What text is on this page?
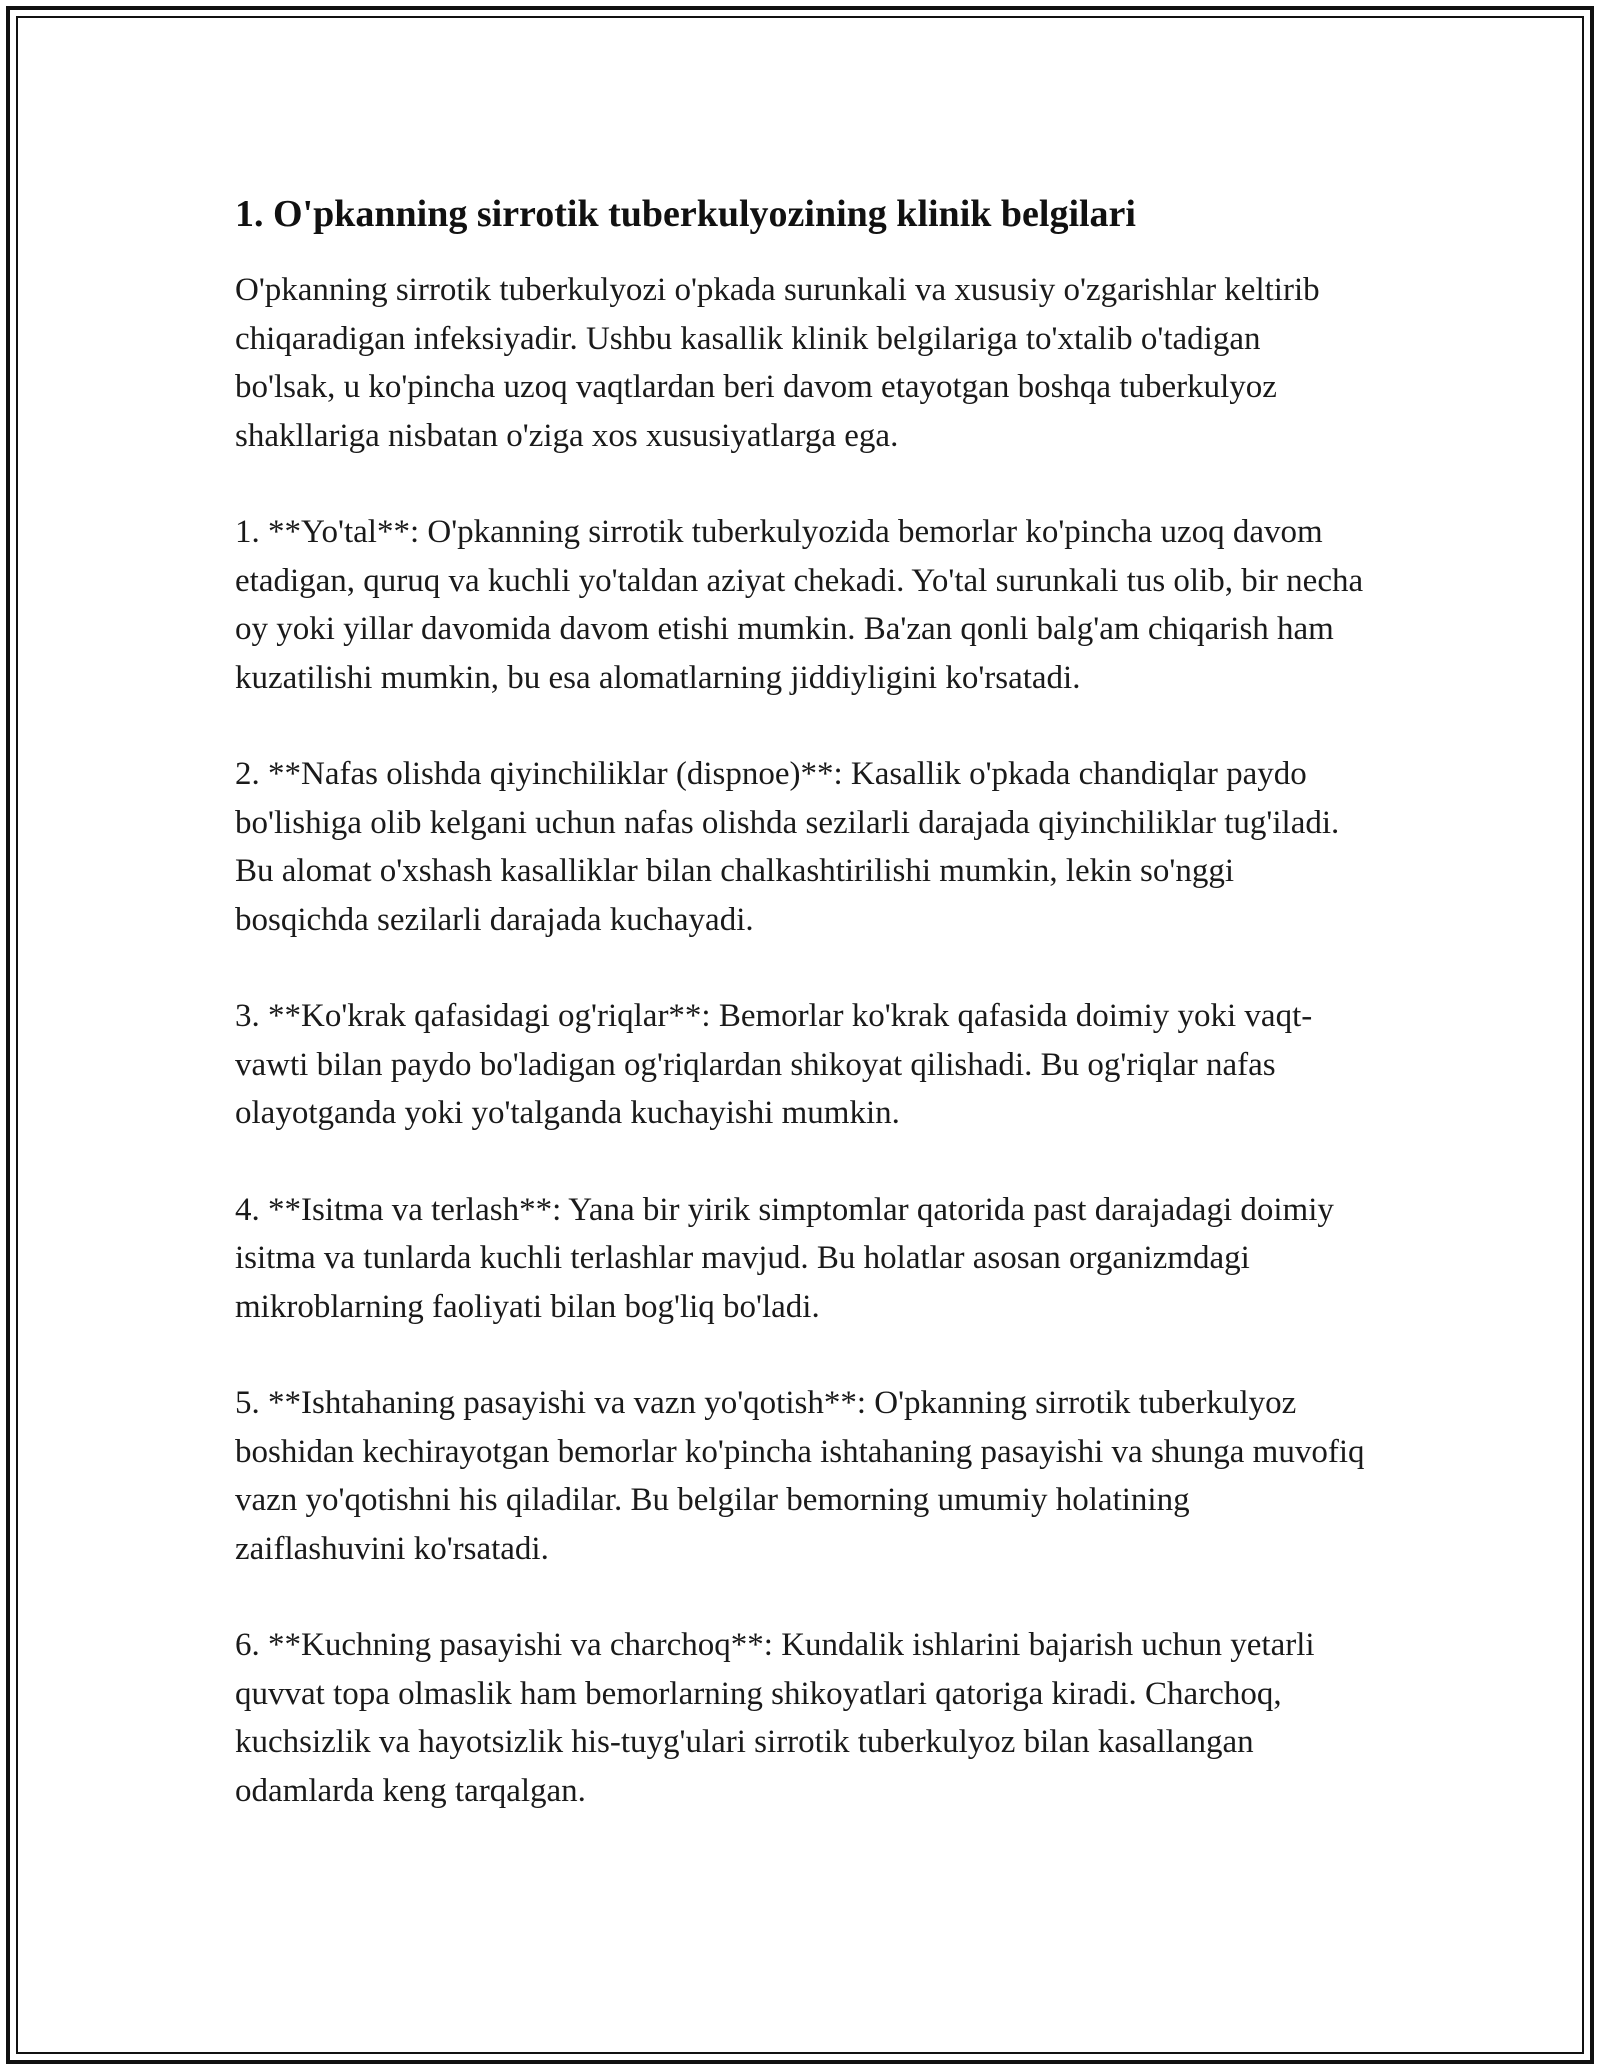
1. O'pkanning sirrotik tuberkulyozining klinik belgilari

O'pkanning sirrotik tuberkulyozi o'pkada surunkali va xususiy o'zgarishlar keltirib chiqaradigan infeksiyadir. Ushbu kasallik klinik belgilariga to'xtalib o'tadigan bo'lsak, u ko'pincha uzoq vaqtlardan beri davom etayotgan boshqa tuberkulyoz shakllariga nisbatan o'ziga xos xususiyatlarga ega.

1. **Yo'tal**: O'pkanning sirrotik tuberkulyozida bemorlar ko'pincha uzoq davom etadigan, quruq va kuchli yo'taldan aziyat chekadi. Yo'tal surunkali tus olib, bir necha oy yoki yillar davomida davom etishi mumkin. Ba'zan qonli balg'am chiqarish ham kuzatilishi mumkin, bu esa alomatlarning jiddiyligini ko'rsatadi.

2. **Nafas olishda qiyinchiliklar (dispnoe)**: Kasallik o'pkada chandiqlar paydo bo'lishiga olib kelgani uchun nafas olishda sezilarli darajada qiyinchiliklar tug'iladi. Bu alomat o'xshash kasalliklar bilan chalkashtirilishi mumkin, lekin so'nggi bosqichda sezilarli darajada kuchayadi.

3. **Ko'krak qafasidagi og'riqlar**: Bemorlar ko'krak qafasida doimiy yoki vaqt-vawti bilan paydo bo'ladigan og'riqlardan shikoyat qilishadi. Bu og'riqlar nafas olayotganda yoki yo'talganda kuchayishi mumkin.

4. **Isitma va terlash**: Yana bir yirik simptomlar qatorida past darajadagi doimiy isitma va tunlarda kuchli terlashlar mavjud. Bu holatlar asosan organizmdagi mikroblarning faoliyati bilan bog'liq bo'ladi.

5. **Ishtahaning pasayishi va vazn yo'qotish**: O'pkanning sirrotik tuberkulyoz boshidan kechirayotgan bemorlar ko'pincha ishtahaning pasayishi va shunga muvofiq vazn yo'qotishni his qiladilar. Bu belgilar bemorning umumiy holatining zaiflashuvini ko'rsatadi.

6. **Kuchning pasayishi va charchoq**: Kundalik ishlarini bajarish uchun yetarli quvvat topa olmaslik ham bemorlarning shikoyatlari qatoriga kiradi. Charchoq, kuchsizlik va hayotsizlik his-tuyg'ulari sirrotik tuberkulyoz bilan kasallangan odamlarda keng tarqalgan.
